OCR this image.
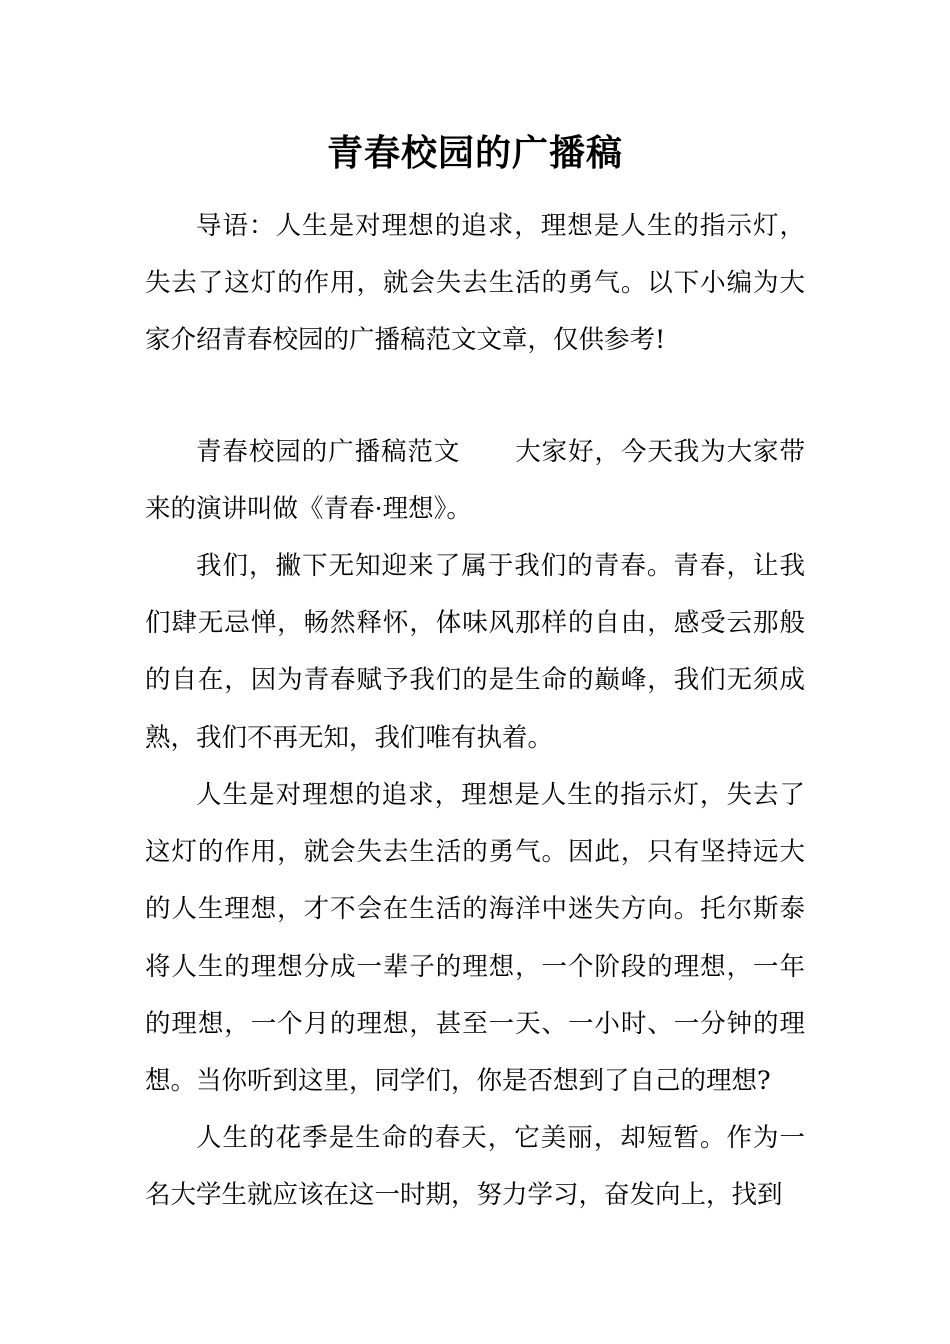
青春校园的广播稿

导语：人生是对理想的追求，理想是人生的指示灯，失去了这灯的作用，就会失去生活的勇气。以下小编为大家介绍青春校园的广播稿范文文章，仅供参考!

青春校园的广播稿范文 大家好，今天我为大家带来的演讲叫做《青春·理想》。

我们，撇下无知迎来了属于我们的青春。青春，让我们肆无忌惮，畅然释怀，体味风那样的自由，感受云那般的自在，因为青春赋予我们的是生命的巅峰，我们无须成熟，我们不再无知，我们唯有执着。

人生是对理想的追求，理想是人生的指示灯，失去了这灯的作用，就会失去生活的勇气。因此，只有坚持远大的人生理想，才不会在生活的海洋中迷失方向。托尔斯泰将人生的理想分成一辈子的理想，一个阶段的理想，一年的理想，一个月的理想，甚至一天、一小时、一分钟的理想。当你听到这里，同学们，你是否想到了自己的理想?

人生的花季是生命的春天，它美丽，却短暂。作为一名大学生就应该在这一时期，努力学习，奋发向上，找到
